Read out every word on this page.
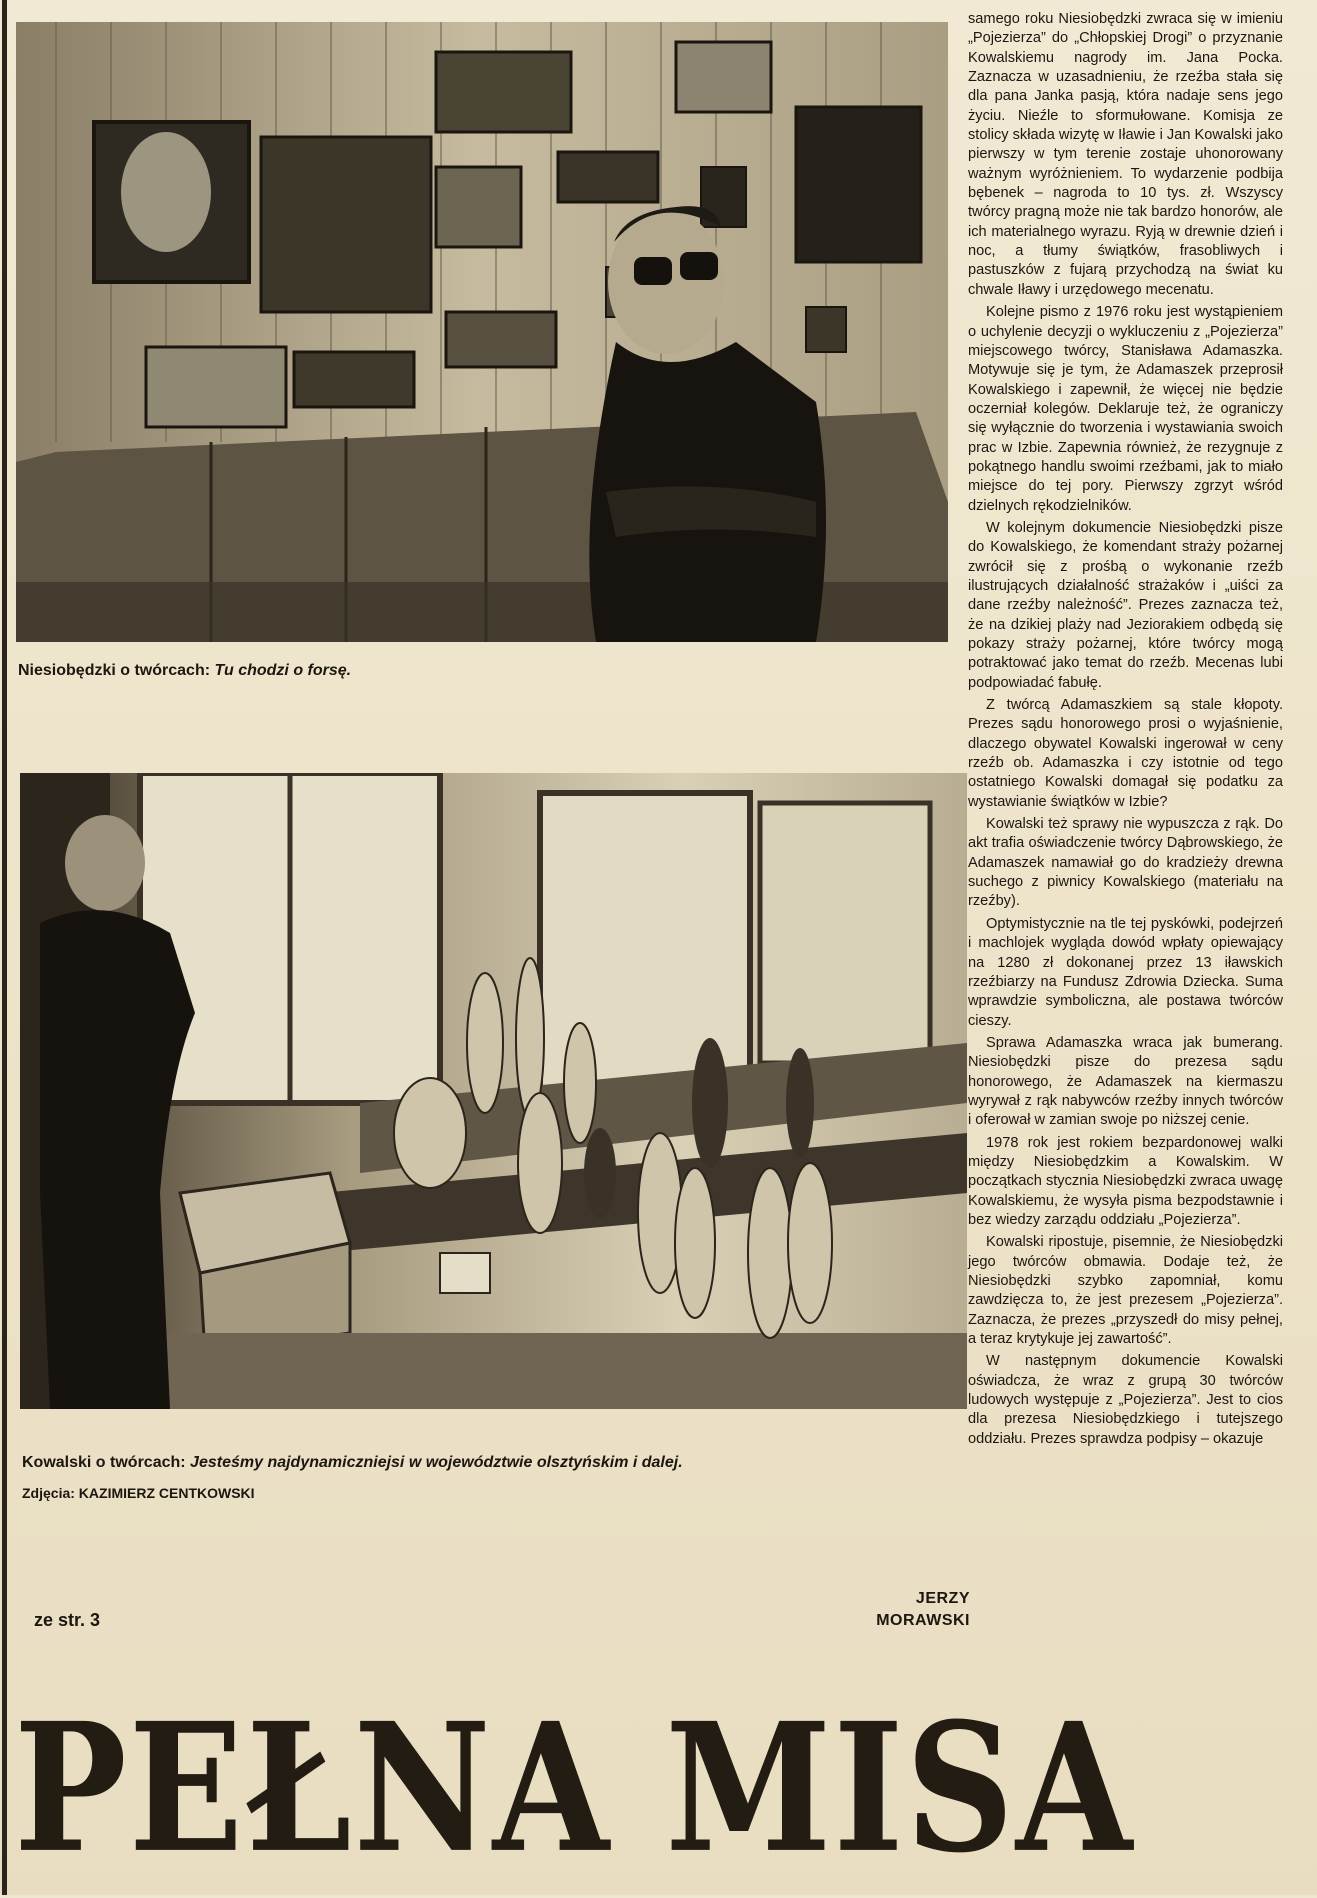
Niesiobędzki o twórcach: Tu chodzi o forsę.
Kowalski o twórcach: Jesteśmy najdynamiczniejsi w województwie olsztyńskim i dalej.
Zdjęcia: KAZIMIERZ CENTKOWSKI
ze str. 3
JERZY
MORAWSKI
PEŁNA MISA

samego roku Niesiobędzki zwraca się w imieniu „Pojezierza” do „Chłopskiej Drogi” o przyznanie Kowalskiemu nagrody im. Jana Pocka. Zaznacza w uzasadnieniu, że rzeźba stała się dla pana Janka pasją, która nadaje sens jego życiu. Nieźle to sformułowane. Komisja ze stolicy składa wizytę w Iławie i Jan Kowalski jako pierwszy w tym terenie zostaje uhonorowany ważnym wyróżnieniem. To wydarzenie podbija bębenek – nagroda to 10 tys. zł. Wszyscy twórcy pragną może nie tak bardzo honorów, ale ich materialnego wyrazu. Ryją w drewnie dzień i noc, a tłumy świątków, frasobliwych i pastuszków z fujarą przychodzą na świat ku chwale Iławy i urzędowego mecenatu.

Kolejne pismo z 1976 roku jest wystąpieniem o uchylenie decyzji o wykluczeniu z „Pojezierza” miejscowego twórcy, Stanisława Adamaszka. Motywuje się je tym, że Adamaszek przeprosił Kowalskiego i zapewnił, że więcej nie będzie oczerniał kolegów. Deklaruje też, że ograniczy się wyłącznie do tworzenia i wystawiania swoich prac w Izbie. Zapewnia również, że rezygnuje z pokątnego handlu swoimi rzeźbami, jak to miało miejsce do tej pory. Pierwszy zgrzyt wśród dzielnych rękodzielników.

W kolejnym dokumencie Niesiobędzki pisze do Kowalskiego, że komendant straży pożarnej zwrócił się z prośbą o wykonanie rzeźb ilustrujących działalność strażaków i „uiści za dane rzeźby należność”. Prezes zaznacza też, że na dzikiej plaży nad Jeziorakiem odbędą się pokazy straży pożarnej, które twórcy mogą potraktować jako temat do rzeźb. Mecenas lubi podpowiadać fabułę.

Z twórcą Adamaszkiem są stale kłopoty. Prezes sądu honorowego prosi o wyjaśnienie, dlaczego obywatel Kowalski ingerował w ceny rzeźb ob. Adamaszka i czy istotnie od tego ostatniego Kowalski domagał się podatku za wystawianie świątków w Izbie?

Kowalski też sprawy nie wypuszcza z rąk. Do akt trafia oświadczenie twórcy Dąbrowskiego, że Adamaszek namawiał go do kradzieży drewna suchego z piwnicy Kowalskiego (materiału na rzeźby).

Optymistycznie na tle tej pyskówki, podejrzeń i machlojek wygląda dowód wpłaty opiewający na 1280 zł dokonanej przez 13 iławskich rzeźbiarzy na Fundusz Zdrowia Dziecka. Suma wprawdzie symboliczna, ale postawa twórców cieszy.

Sprawa Adamaszka wraca jak bumerang. Niesiobędzki pisze do prezesa sądu honorowego, że Adamaszek na kiermaszu wyrywał z rąk nabywców rzeźby innych twórców i oferował w zamian swoje po niższej cenie.

1978 rok jest rokiem bezpardonowej walki między Niesiobędzkim a Kowalskim. W początkach stycznia Niesiobędzki zwraca uwagę Kowalskiemu, że wysyła pisma bezpodstawnie i bez wiedzy zarządu oddziału „Pojezierza”.

Kowalski ripostuje, pisemnie, że Niesiobędzki jego twórców obmawia. Dodaje też, że Niesiobędzki szybko zapomniał, komu zawdzięcza to, że jest prezesem „Pojezierza”. Zaznacza, że prezes „przyszedł do misy pełnej, a teraz krytykuje jej zawartość”.

W następnym dokumencie Kowalski oświadcza, że wraz z grupą 30 twórców ludowych występuje z „Pojezierza”. Jest to cios dla prezesa Niesiobędzkiego i tutejszego oddziału. Prezes sprawdza podpisy – okazuje
